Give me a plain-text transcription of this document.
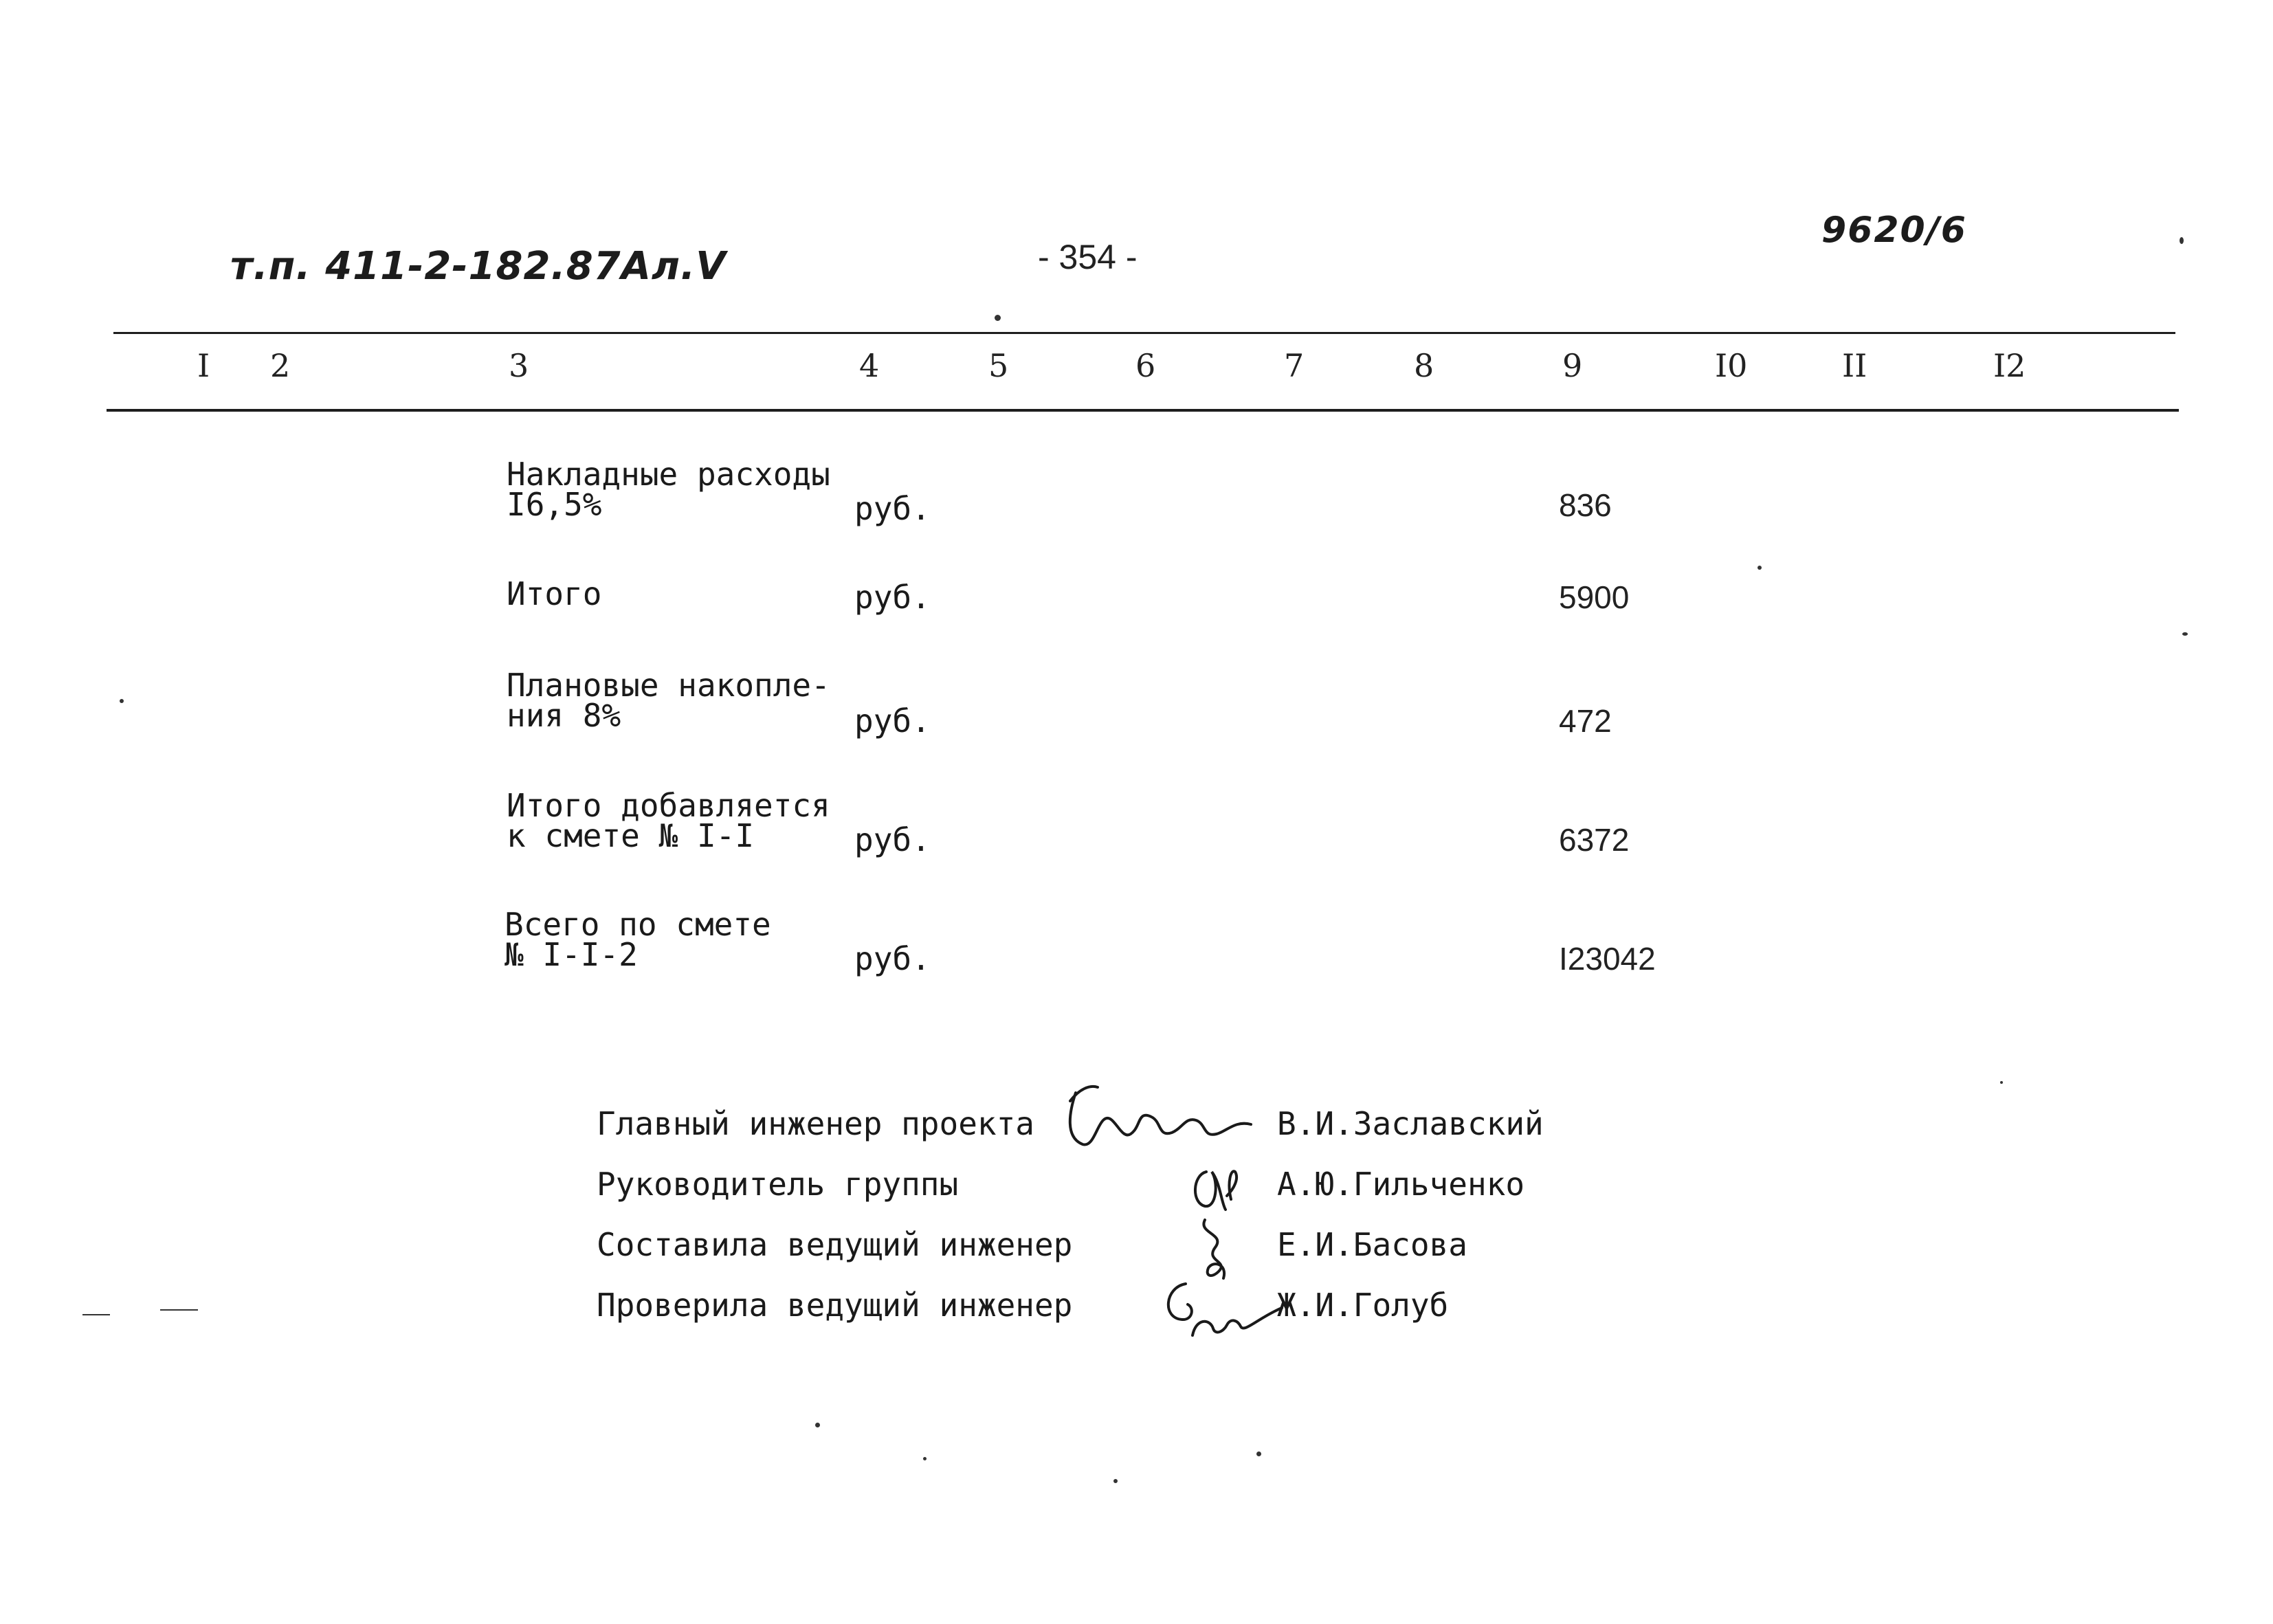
т.п. 411-2-182.87Ал.V	- 354 -
9620/6
I 2	3	4	5	6	7	8	9	I0	II	I2
Накладные расходы
I6,5%	руб.	836
Итого	руб.	5900
Плановые накопле-
ния 8%	руб.	472
Итого добавляется
к смете № I-I	руб.	6372
Всего по смете
№ I-I-2	руб.	I23042
Главный инженер проекта	В.И.Заславский
Руководитель группы	А.Ю.Гильченко
Составила ведущий инженер	Е.И.Басова
Проверила ведущий инженер	Ж.И.Голуб
